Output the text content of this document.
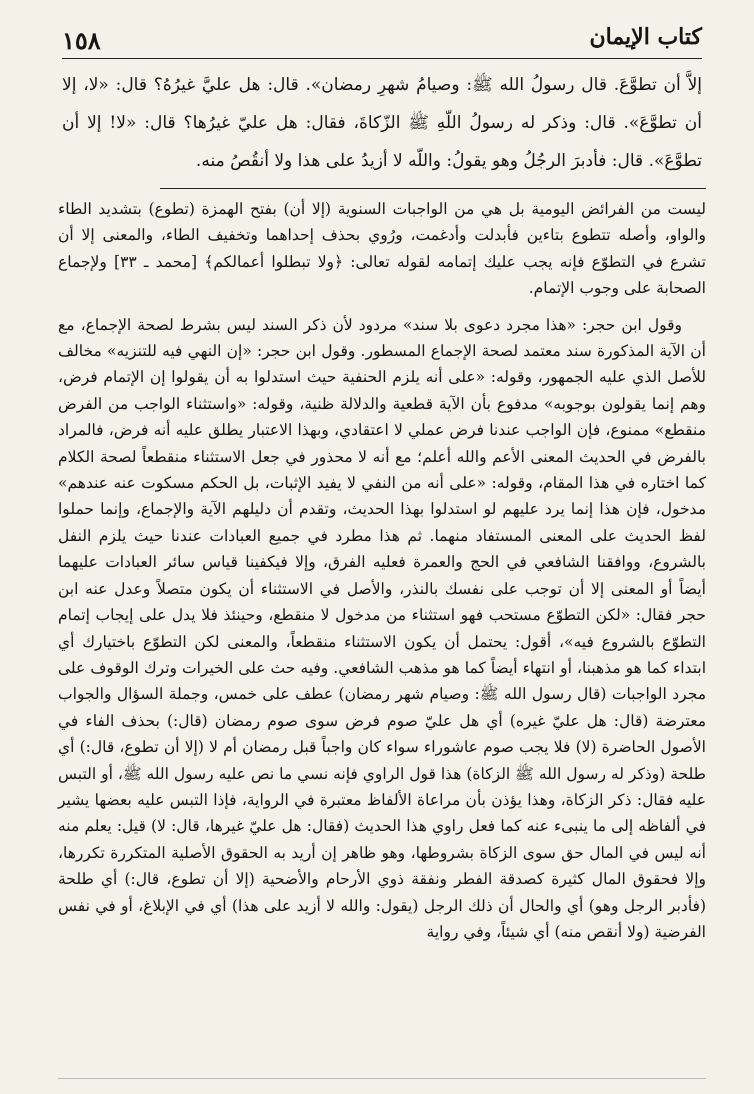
١٥٨	كتاب الإيمان

إلاَّ أن تطوَّعَ. قال رسولُ الله ﷺ: وصيامُ شهرِ رمضان». قال: هل عليَّ غيرُهُ؟ قال: «لا، إلا أن تطوَّعَ». قال: وذكر له رسولُ اللّهِ ﷺ الزّكاةَ، فقال: هل عليّ غيرُها؟ قال: «لا! إلا أن تطوَّعَ». قال: فأدبرَ الرجُلُ وهو يقولُ: واللّه لا أزيدُ على هذا ولا أنقُصُ منه.

ليست من الفرائض اليومية بل هي من الواجبات السنوية (إلا أن) بفتح الهمزة (تطوع) بتشديد الطاء والواو، وأصله تتطوع بتاءين فأبدلت وأدغمت، ورُوي بحذف إحداهما وتخفيف الطاء، والمعنى إلا أن تشرع في التطوّع فإنه يجب عليك إتمامه لقوله تعالى: ﴿ولا تبطلوا أعمالكم﴾ [محمد ـ ٣٣] ولإجماع الصحابة على وجوب الإتمام.

وقول ابن حجر: «هذا مجرد دعوى بلا سند» مردود لأن ذكر السند ليس بشرط لصحة الإجماع، مع أن الآية المذكورة سند معتمد لصحة الإجماع المسطور. وقول ابن حجر: «إن النهي فيه للتنزيه» مخالف للأصل الذي عليه الجمهور، وقوله: «على أنه يلزم الحنفية حيث استدلوا به أن يقولوا إن الإتمام فرض، وهم إنما يقولون بوجوبه» مدفوع بأن الآية قطعية والدلالة ظنية، وقوله: «واستثناء الواجب من الفرض منقطع» ممنوع، فإن الواجب عندنا فرض عملي لا اعتقادي، وبهذا الاعتبار يطلق عليه أنه فرض، فالمراد بالفرض في الحديث المعنى الأعم والله أعلم؛ مع أنه لا محذور في جعل الاستثناء منقطعاً لصحة الكلام كما اختاره في هذا المقام، وقوله: «على أنه من النفي لا يفيد الإثبات، بل الحكم مسكوت عنه عندهم» مدخول، فإن هذا إنما يرد عليهم لو استدلوا بهذا الحديث، وتقدم أن دليلهم الآية والإجماع، وإنما حملوا لفظ الحديث على المعنى المستفاد منهما. ثم هذا مطرد في جميع العبادات عندنا حيث يلزم النفل بالشروع، ووافقنا الشافعي في الحج والعمرة فعليه الفرق، وإلا فيكفينا قياس سائر العبادات عليهما أيضاً أو المعنى إلا أن توجب على نفسك بالنذر، والأصل في الاستثناء أن يكون متصلاً وعدل عنه ابن حجر فقال: «لكن التطوّع مستحب فهو استثناء من مدخول لا منقطع، وحينئذ فلا يدل على إيجاب إتمام التطوّع بالشروع فيه»، أقول: يحتمل أن يكون الاستثناء منقطعاً، والمعنى لكن التطوّع باختيارك أي ابتداء كما هو مذهبنا، أو انتهاء أيضاً كما هو مذهب الشافعي. وفيه حث على الخيرات وترك الوقوف على مجرد الواجبات (قال رسول الله ﷺ: وصيام شهر رمضان) عطف على خمس، وجملة السؤال والجواب معترضة (قال: هل عليّ غيره) أي هل عليّ صوم فرض سوى صوم رمضان (قال:) بحذف الفاء في الأصول الحاضرة (لا) فلا يجب صوم عاشوراء سواء كان واجباً قبل رمضان أم لا (إلا أن تطوع، قال:) أي طلحة (وذكر له رسول الله ﷺ الزكاة) هذا قول الراوي فإنه نسي ما نص عليه رسول الله ﷺ، أو التبس عليه فقال: ذكر الزكاة، وهذا يؤذن بأن مراعاة الألفاظ معتبرة في الرواية، فإذا التبس عليه بعضها يشير في ألفاظه إلى ما ينبىء عنه كما فعل راوي هذا الحديث (فقال: هل عليّ غيرها، قال: لا) قيل: يعلم منه أنه ليس في المال حق سوى الزكاة بشروطها، وهو ظاهر إن أريد به الحقوق الأصلية المتكررة تكررها، وإلا فحقوق المال كثيرة كصدقة الفطر ونفقة ذوي الأرحام والأضحية (إلا أن تطوع، قال:) أي طلحة (فأدبر الرجل وهو) أي والحال أن ذلك الرجل (يقول: والله لا أزيد على هذا) أي في الإبلاغ، أو في نفس الفرضية (ولا أنقص منه) أي شيئاً، وفي رواية
